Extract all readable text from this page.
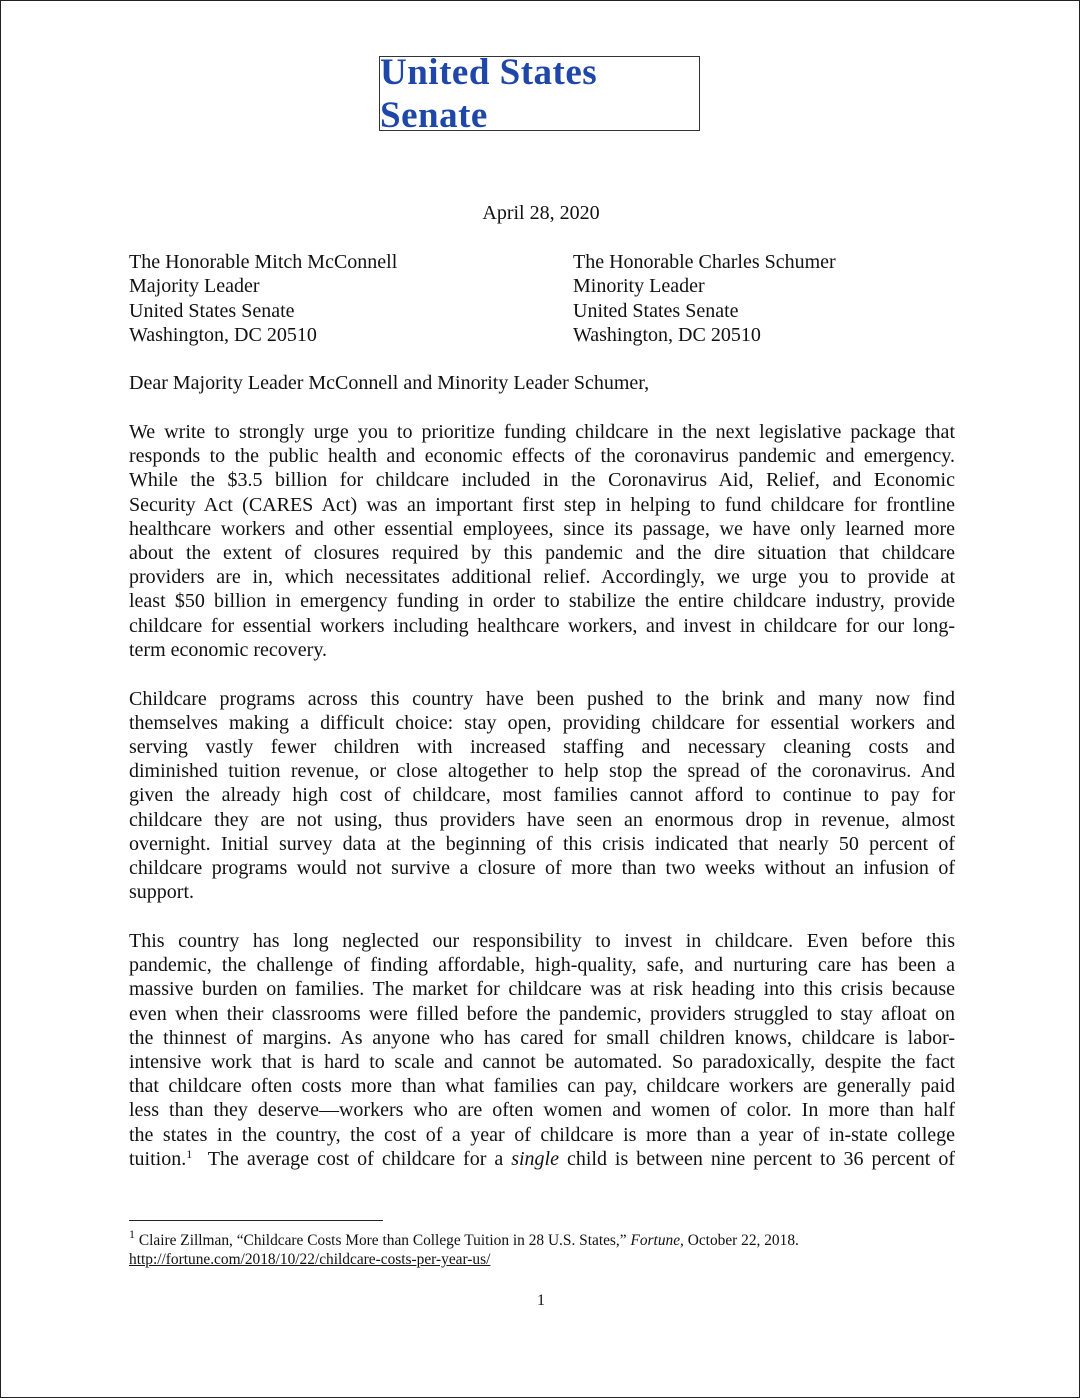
United States Senate
April 28, 2020
The Honorable Mitch McConnell
Majority Leader
United States Senate
Washington, DC 20510
The Honorable Charles Schumer
Minority Leader
United States Senate
Washington, DC 20510
Dear Majority Leader McConnell and Minority Leader Schumer,
We write to strongly urge you to prioritize funding childcare in the next legislative package that
responds to the public health and economic effects of the coronavirus pandemic and emergency.
While the $3.5 billion for childcare included in the Coronavirus Aid, Relief, and Economic
Security Act (CARES Act) was an important first step in helping to fund childcare for frontline
healthcare workers and other essential employees, since its passage, we have only learned more
about the extent of closures required by this pandemic and the dire situation that childcare
providers are in, which necessitates additional relief. Accordingly, we urge you to provide at
least $50 billion in emergency funding in order to stabilize the entire childcare industry, provide
childcare for essential workers including healthcare workers, and invest in childcare for our long-
term economic recovery.
Childcare programs across this country have been pushed to the brink and many now find
themselves making a difficult choice: stay open, providing childcare for essential workers and
serving vastly fewer children with increased staffing and necessary cleaning costs and
diminished tuition revenue, or close altogether to help stop the spread of the coronavirus. And
given the already high cost of childcare, most families cannot afford to continue to pay for
childcare they are not using, thus providers have seen an enormous drop in revenue, almost
overnight. Initial survey data at the beginning of this crisis indicated that nearly 50 percent of
childcare programs would not survive a closure of more than two weeks without an infusion of
support.
This country has long neglected our responsibility to invest in childcare. Even before this
pandemic, the challenge of finding affordable, high-quality, safe, and nurturing care has been a
massive burden on families. The market for childcare was at risk heading into this crisis because
even when their classrooms were filled before the pandemic, providers struggled to stay afloat on
the thinnest of margins. As anyone who has cared for small children knows, childcare is labor-
intensive work that is hard to scale and cannot be automated. So paradoxically, despite the fact
that childcare often costs more than what families can pay, childcare workers are generally paid
less than they deserve—workers who are often women and women of color. In more than half
the states in the country, the cost of a year of childcare is more than a year of in-state college
tuition.$^1$  The average cost of childcare for a single child is between nine percent to 36 percent of
$^1$ Claire Zillman, “Childcare Costs More than College Tuition in 28 U.S. States,” Fortune, October 22, 2018.
http://fortune.com/2018/10/22/childcare-costs-per-year-us/
1
